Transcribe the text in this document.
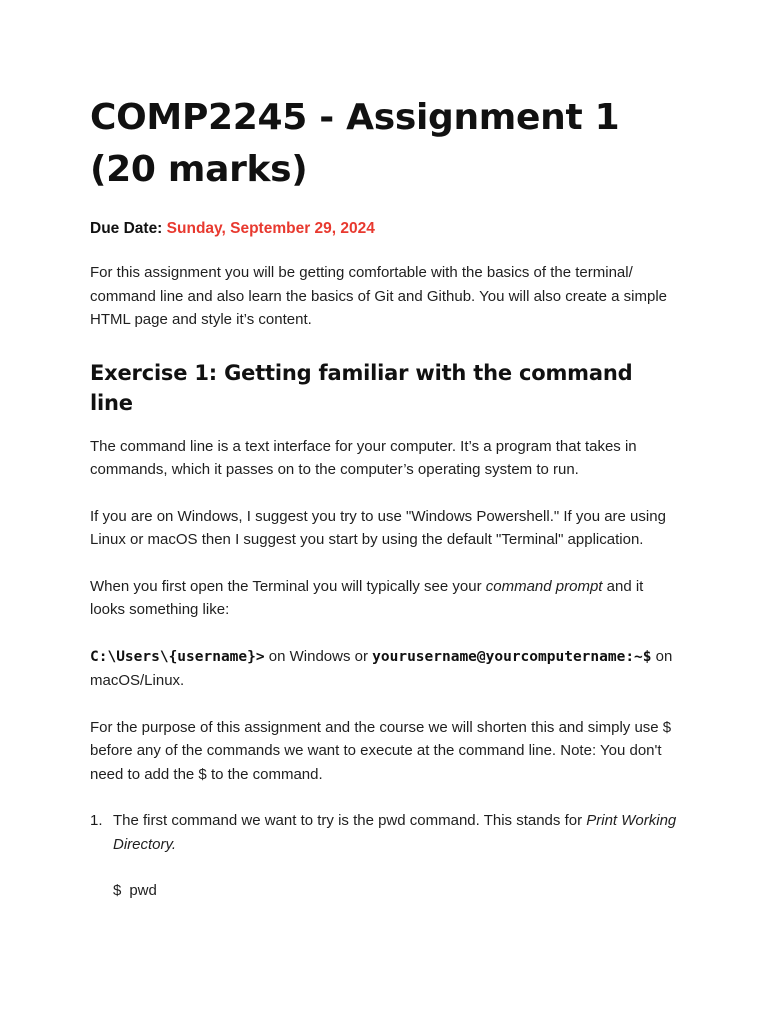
COMP2245 - Assignment 1 (20 marks)
Due Date: Sunday, September 29, 2024

For this assignment you will be getting comfortable with the basics of the terminal/ command line and also learn the basics of Git and Github. You will also create a simple HTML page and style it’s content.

Exercise 1: Getting familiar with the command line

The command line is a text interface for your computer. It’s a program that takes in commands, which it passes on to the computer’s operating system to run.

If you are on Windows, I suggest you try to use "Windows Powershell." If you are using Linux or macOS then I suggest you start by using the default "Terminal" application.

When you first open the Terminal you will typically see your command prompt and it looks something like:

C:\Users\{username}> on Windows or yourusername@yourcomputername:~$ on macOS/Linux.

For the purpose of this assignment and the course we will shorten this and simply use $ before any of the commands we want to execute at the command line. Note: You don't need to add the $ to the command.

1. The first command we want to try is the pwd command. This stands for Print Working Directory.

$ pwd
